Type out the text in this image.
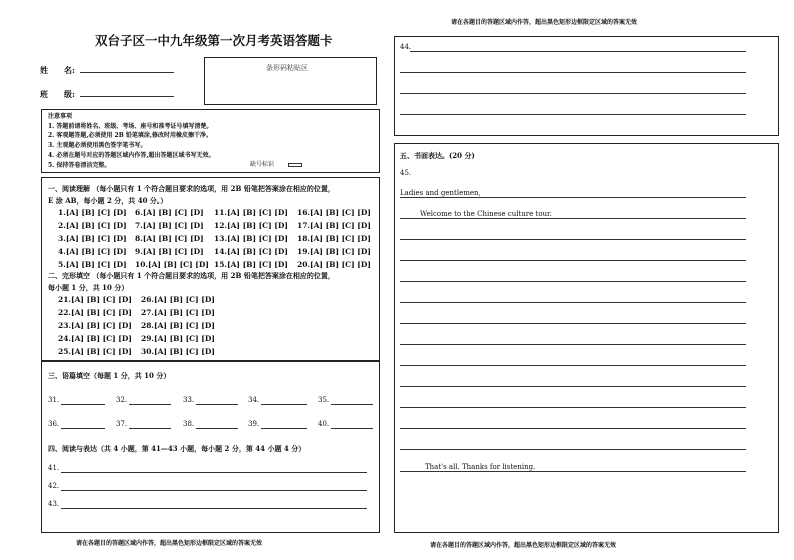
双台子区一中九年级第一次月考英语答题卡
姓　　名:
班　　级:
条形码粘贴区
注意事项
1. 答题前请将姓名、班级、考场、座号和准考证号填写清楚。
2. 客观题答题,必须使用 2B 铅笔填涂,修改时用橡皮擦干净。
3. 主观题必须使用黑色签字笔书写。
4. 必须在题号对应的答题区域内作答,超出答题区域书写无效。
5. 保持答卷清洁完整。	缺号标识
一、阅读理解 （每小题只有 1 个符合题目要求的选项，用 2B 铅笔把答案涂在相应的位置，
E 涂 AB，每小题 2 分，共 40 分。）
1.[A] [B] [C] [D] 6.[A] [B] [C] [D] 11.[A] [B] [C] [D] 16.[A] [B] [C] [D]
2.[A] [B] [C] [D] 7.[A] [B] [C] [D] 12.[A] [B] [C] [D] 17.[A] [B] [C] [D]
3.[A] [B] [C] [D] 8.[A] [B] [C] [D] 13.[A] [B] [C] [D] 18.[A] [B] [C] [D]
4.[A] [B] [C] [D] 9.[A] [B] [C] [D] 14.[A] [B] [C] [D] 19.[A] [B] [C] [D]
5.[A] [B] [C] [D] 10.[A] [B] [C] [D] 15.[A] [B] [C] [D] 20.[A] [B] [C] [D]
二、完形填空 （每小题只有 1 个符合题目要求的选项，用 2B 铅笔把答案涂在相应的位置，
每小题 1 分，共 10 分）
21.[A] [B] [C] [D] 26.[A] [B] [C] [D]
22.[A] [B] [C] [D] 27.[A] [B] [C] [D]
23.[A] [B] [C] [D] 28.[A] [B] [C] [D]
24.[A] [B] [C] [D] 29.[A] [B] [C] [D]
25.[A] [B] [C] [D] 30.[A] [B] [C] [D]
三、语篇填空（每题 1 分，共 10 分）
31.	32.	33.	34.	35.
36.	37.	38.	39.	40.
四、阅读与表达（共 4 小题，第 41—43 小题，每小题 2 分，第 44 小题 4 分）
41.
42.
43.
请在各题目的答题区域内作答，超出黑色矩形边框限定区域的答案无效
请在各题目的答题区域内作答，超出黑色矩形边框限定区域的答案无效
44.
五、书面表达。(20 分)
45.
Ladies and gentlemen，
Welcome to the Chinese culture tour.
That's all. Thanks for listening.
请在各题目的答题区域内作答，超出黑色矩形边框限定区域的答案无效
